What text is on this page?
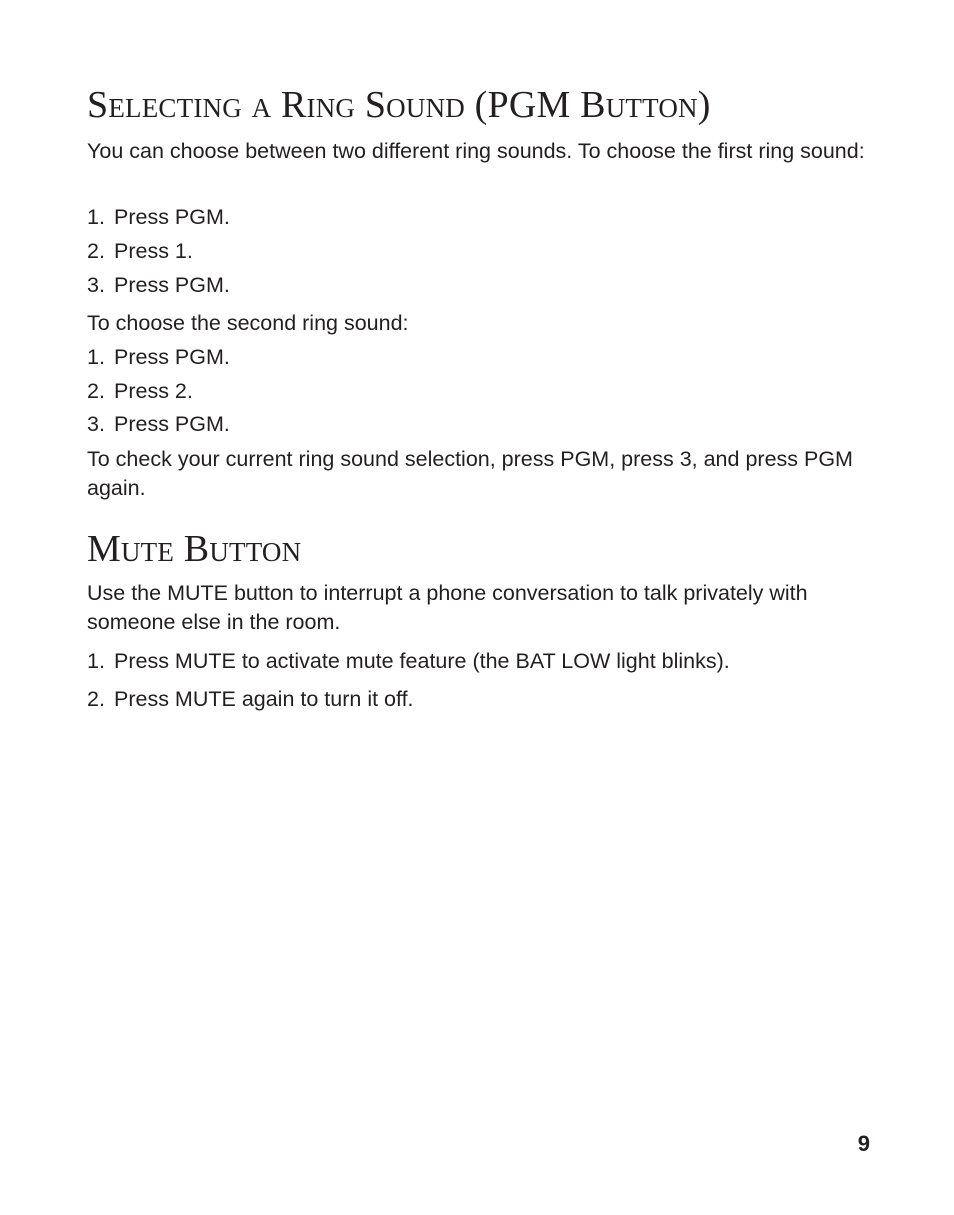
Selecting a Ring Sound (PGM Button)

You can choose between two different ring sounds. To choose the first ring sound:

1. Press PGM.

2. Press 1.

3. Press PGM.

To choose the second ring sound:

1. Press PGM.

2. Press 2.

3. Press PGM.

To check your current ring sound selection, press PGM, press 3, and press PGM again.

Mute Button

Use the MUTE button to interrupt a phone conversation to talk privately with someone else in the room.

1. Press MUTE to activate mute feature (the BAT LOW light blinks).

2. Press MUTE again to turn it off.

9
